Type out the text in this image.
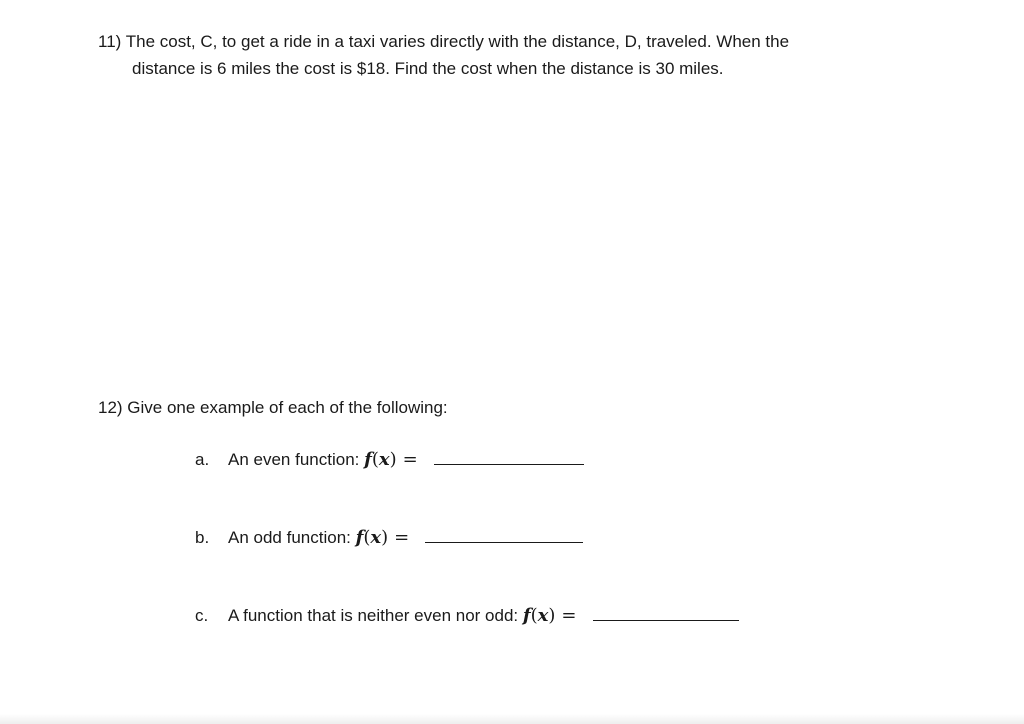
11) The cost, C, to get a ride in a taxi varies directly with the distance, D, traveled. When the
distance is 6 miles the cost is $18. Find the cost when the distance is 30 miles.
12) Give one example of each of the following:
a. An even function: f(x) =
b. An odd function: f(x) =
c. A function that is neither even nor odd: f(x) =
